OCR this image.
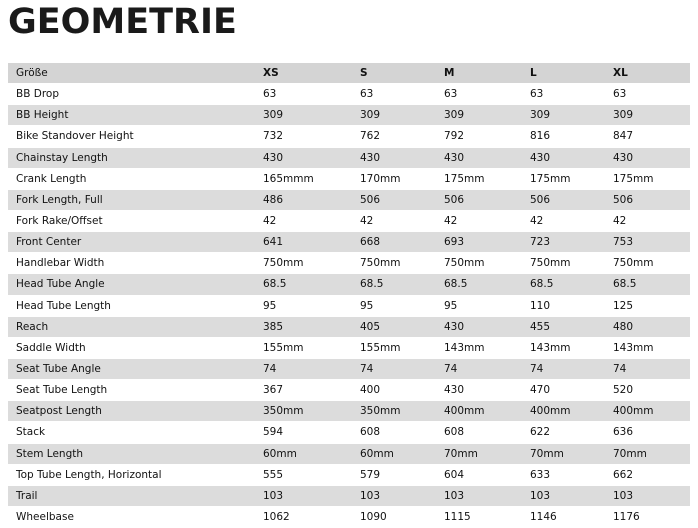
GEOMETRIE
Größe	XS	S	M	L	XL
BB Drop	63	63	63	63	63
BB Height	309	309	309	309	309
Bike Standover Height	732	762	792	816	847
Chainstay Length	430	430	430	430	430
Crank Length	165mmm	170mm	175mm	175mm	175mm
Fork Length, Full	486	506	506	506	506
Fork Rake/Offset	42	42	42	42	42
Front Center	641	668	693	723	753
Handlebar Width	750mm	750mm	750mm	750mm	750mm
Head Tube Angle	68.5	68.5	68.5	68.5	68.5
Head Tube Length	95	95	95	110	125
Reach	385	405	430	455	480
Saddle Width	155mm	155mm	143mm	143mm	143mm
Seat Tube Angle	74	74	74	74	74
Seat Tube Length	367	400	430	470	520
Seatpost Length	350mm	350mm	400mm	400mm	400mm
Stack	594	608	608	622	636
Stem Length	60mm	60mm	70mm	70mm	70mm
Top Tube Length, Horizontal	555	579	604	633	662
Trail	103	103	103	103	103
Wheelbase	1062	1090	1115	1146	1176
